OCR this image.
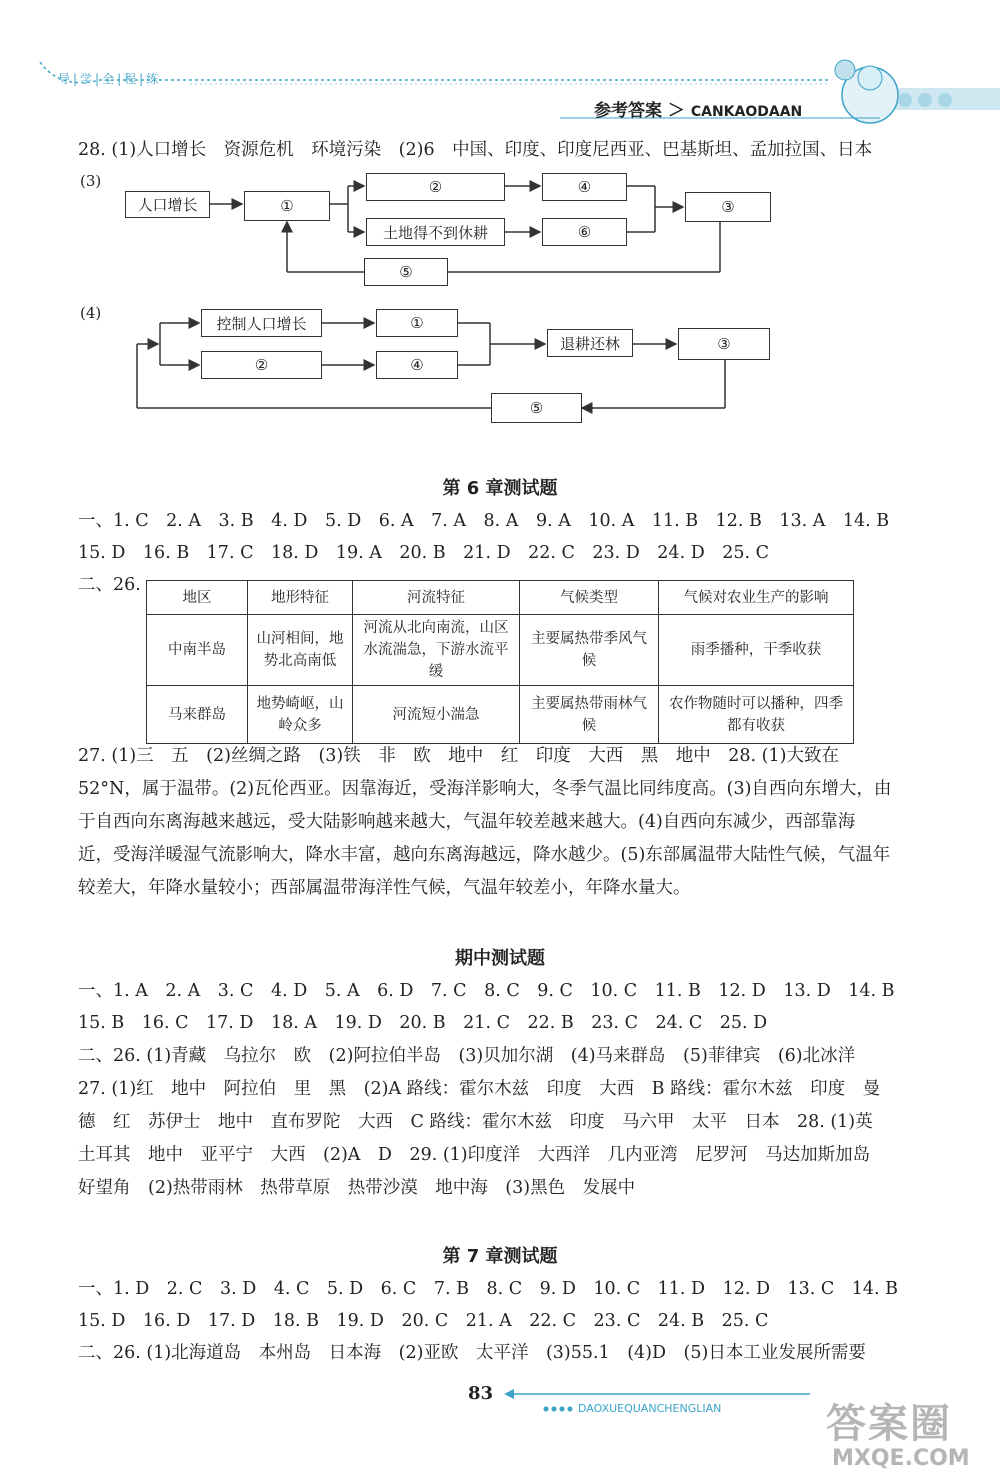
导|学|全|程|练
参考答案 ＞ CANKAODAAN
28. (1)人口增长　资源危机　环境污染　(2)6　中国、印度、印度尼西亚、巴基斯坦、孟加拉国、日本
(3)
人口增长	①
②
土地得不到休耕
④
⑥
③
⑤
(4)
控制人口增长
②
①
④
退耕还林	③
⑤
第 6 章测试题
一、1. C　2. A　3. B　4. D　5. D　6. A　7. A　8. A　9. A　10. A　11. B　12. B　13. A　14. B
15. D　16. B　17. C　18. D　19. A　20. B　21. D　22. C　23. D　24. D　25. C
二、26.
地区	地形特征	河流特征	气候类型	气候对农业生产的影响
中南半岛	山河相间，地势北高南低	河流从北向南流，山区水流湍急，下游水流平缓	主要属热带季风气候	雨季播种，干季收获
马来群岛	地势崎岖，山岭众多	河流短小湍急	主要属热带雨林气候	农作物随时可以播种，四季都有收获
27. (1)三　五　(2)丝绸之路　(3)铁　非　欧　地中　红　印度　大西　黑　地中　28. (1)大致在
52°N，属于温带。(2)瓦伦西亚。因靠海近，受海洋影响大，冬季气温比同纬度高。(3)自西向东增大，由
于自西向东离海越来越远，受大陆影响越来越大，气温年较差越来越大。(4)自西向东减少，西部靠海
近，受海洋暖湿气流影响大，降水丰富，越向东离海越远，降水越少。(5)东部属温带大陆性气候，气温年
较差大，年降水量较小；西部属温带海洋性气候，气温年较差小，年降水量大。
期中测试题
一、1. A　2. A　3. C　4. D　5. A　6. D　7. C　8. C　9. C　10. C　11. B　12. D　13. D　14. B
15. B　16. C　17. D　18. A　19. D　20. B　21. C　22. B　23. C　24. C　25. D
二、26. (1)青藏　乌拉尔　欧　(2)阿拉伯半岛　(3)贝加尔湖　(4)马来群岛　(5)菲律宾　(6)北冰洋
27. (1)红　地中　阿拉伯　里　黑　(2)A 路线：霍尔木兹　印度　大西　B 路线：霍尔木兹　印度　曼
德　红　苏伊士　地中　直布罗陀　大西　C 路线：霍尔木兹　印度　马六甲　太平　日本　28. (1)英
土耳其　地中　亚平宁　大西　(2)A　D　29. (1)印度洋　大西洋　几内亚湾　尼罗河　马达加斯加岛
好望角　(2)热带雨林　热带草原　热带沙漠　地中海　(3)黑色　发展中
第 7 章测试题
一、1. D　2. C　3. D　4. C　5. D　6. C　7. B　8. C　9. D　10. C　11. D　12. D　13. C　14. B
15. D　16. D　17. D　18. B　19. D　20. C　21. A　22. C　23. C　24. B　25. C
二、26. (1)北海道岛　本州岛　日本海　(2)亚欧　太平洋　(3)55.1　(4)D　(5)日本工业发展所需要
83
DAOXUEQUANCHENGLIAN	答案圈
MXQE.COM
